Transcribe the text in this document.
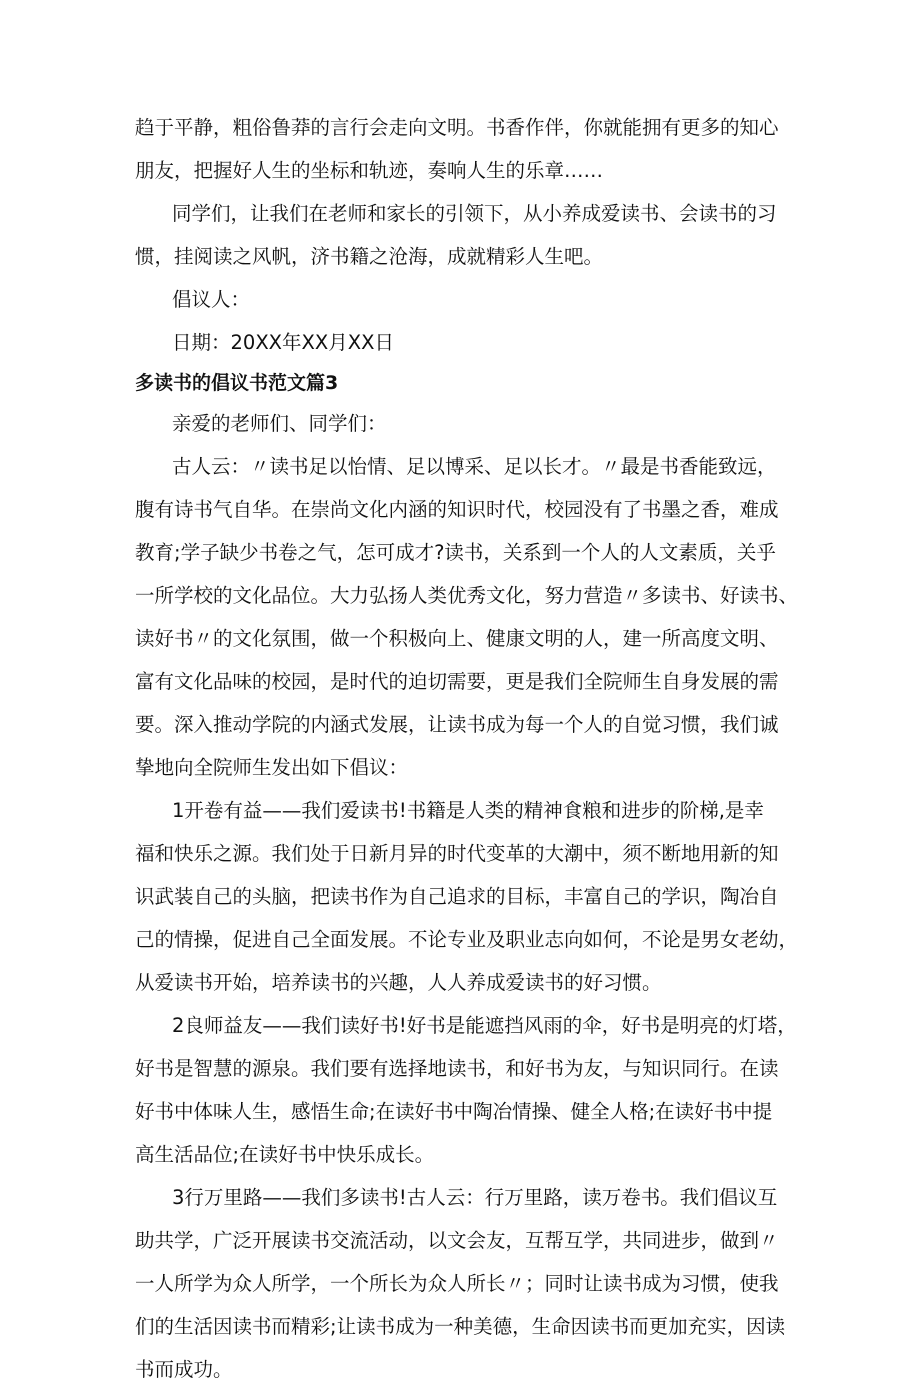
趋于平静，粗俗鲁莽的言行会走向文明。书香作伴，你就能拥有更多的知心

朋友，把握好人生的坐标和轨迹，奏响人生的乐章……

同学们，让我们在老师和家长的引领下，从小养成爱读书、会读书的习

惯，挂阅读之风帆，济书籍之沧海，成就精彩人生吧。

倡议人：

日期：20XX年XX月XX日

多读书的倡议书范文篇3

亲爱的老师们、同学们：

古人云：〃读书足以怡情、足以博采、足以长才。〃最是书香能致远，

腹有诗书气自华。在崇尚文化内涵的知识时代，校园没有了书墨之香，难成

教育;学子缺少书卷之气，怎可成才?读书，关系到一个人的人文素质，关乎

一所学校的文化品位。大力弘扬人类优秀文化，努力营造〃多读书、好读书、

读好书〃的文化氛围，做一个积极向上、健康文明的人，建一所高度文明、

富有文化品味的校园，是时代的迫切需要，更是我们全院师生自身发展的需

要。深入推动学院的内涵式发展，让读书成为每一个人的自觉习惯，我们诚

挚地向全院师生发出如下倡议：

1开卷有益——我们爱读书!书籍是人类的精神食粮和进步的阶梯,是幸

福和快乐之源。我们处于日新月异的时代变革的大潮中，须不断地用新的知

识武装自己的头脑，把读书作为自己追求的目标，丰富自己的学识，陶冶自

己的情操，促进自己全面发展。不论专业及职业志向如何，不论是男女老幼，

从爱读书开始，培养读书的兴趣，人人养成爱读书的好习惯。

2良师益友——我们读好书!好书是能遮挡风雨的伞，好书是明亮的灯塔，

好书是智慧的源泉。我们要有选择地读书，和好书为友，与知识同行。在读

好书中体味人生，感悟生命;在读好书中陶冶情操、健全人格;在读好书中提

高生活品位;在读好书中快乐成长。

3行万里路——我们多读书!古人云：行万里路，读万卷书。我们倡议互

助共学，广泛开展读书交流活动，以文会友，互帮互学，共同进步，做到〃

一人所学为众人所学，一个所长为众人所长〃；同时让读书成为习惯，使我

们的生活因读书而精彩;让读书成为一种美德，生命因读书而更加充实，因读

书而成功。
